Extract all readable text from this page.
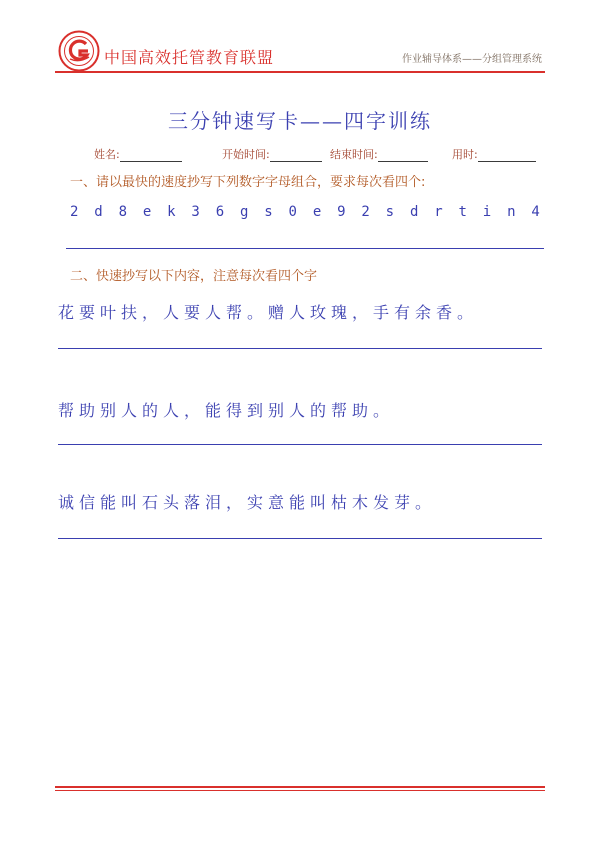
中国高效托管教育联盟	作业辅导体系——分组管理系统
三分钟速写卡——四字训练
姓名:	开始时间:	结束时间:	用时:
一、请以最快的速度抄写下列数字字母组合，要求每次看四个:
2 d 8 e k 3 6 g s 0 e 9 2 s d r t i n 4
二、快速抄写以下内容，注意每次看四个字
花要叶扶，人要人帮。赠人玫瑰，手有余香。
帮助别人的人，能得到别人的帮助。
诚信能叫石头落泪，实意能叫枯木发芽。
